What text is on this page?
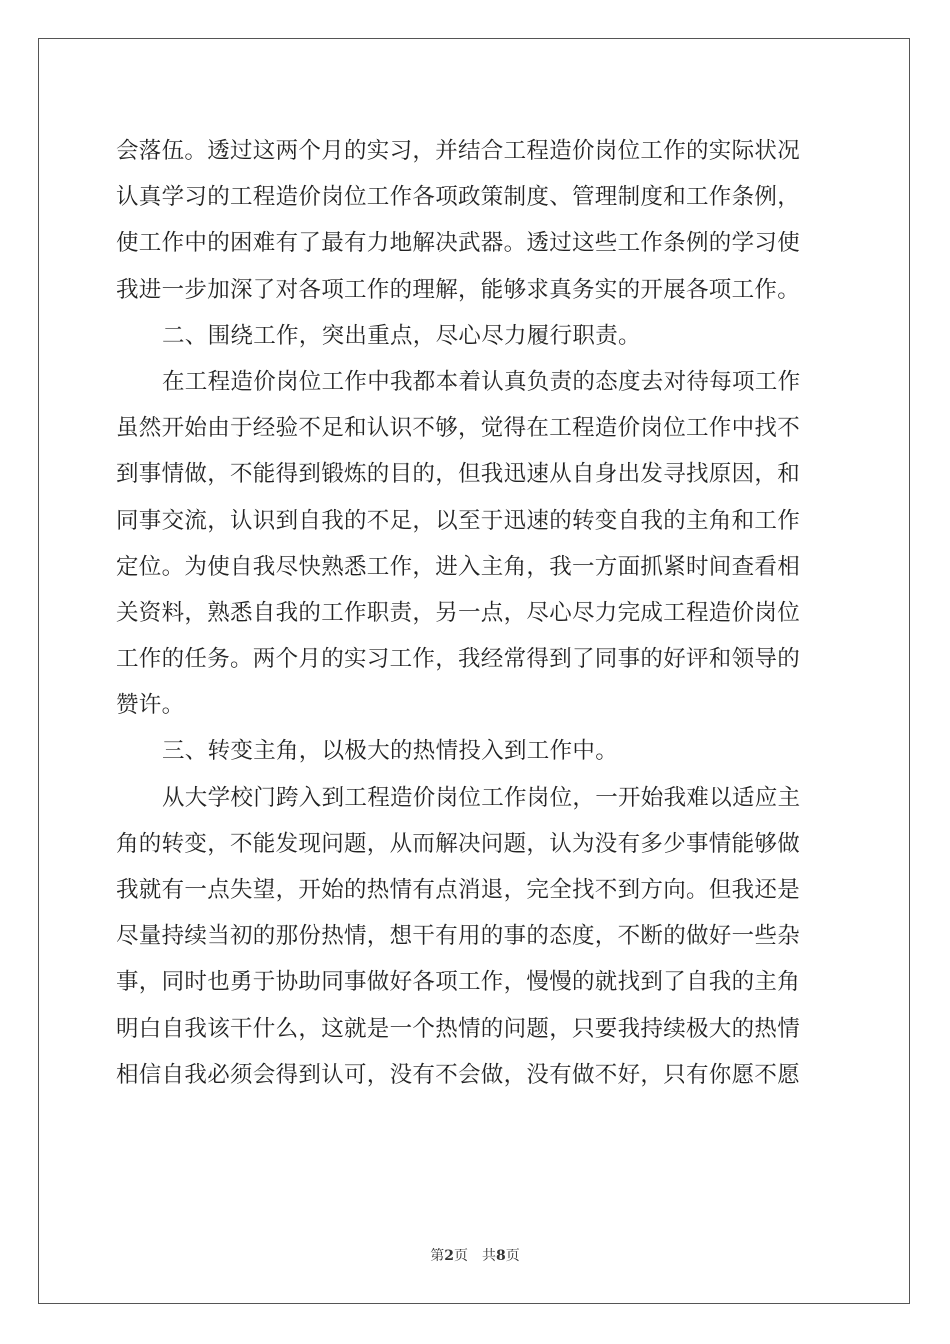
会落伍。透过这两个月的实习，并结合工程造价岗位工作的实际状况
认真学习的工程造价岗位工作各项政策制度、管理制度和工作条例，
使工作中的困难有了最有力地解决武器。透过这些工作条例的学习使
我进一步加深了对各项工作的理解，能够求真务实的开展各项工作。
二、围绕工作，突出重点，尽心尽力履行职责。
在工程造价岗位工作中我都本着认真负责的态度去对待每项工作
虽然开始由于经验不足和认识不够，觉得在工程造价岗位工作中找不
到事情做，不能得到锻炼的目的，但我迅速从自身出发寻找原因，和
同事交流，认识到自我的不足，以至于迅速的转变自我的主角和工作
定位。为使自我尽快熟悉工作，进入主角，我一方面抓紧时间查看相
关资料，熟悉自我的工作职责，另一点，尽心尽力完成工程造价岗位
工作的任务。两个月的实习工作，我经常得到了同事的好评和领导的
赞许。
三、转变主角，以极大的热情投入到工作中。
从大学校门跨入到工程造价岗位工作岗位，一开始我难以适应主
角的转变，不能发现问题，从而解决问题，认为没有多少事情能够做
我就有一点失望，开始的热情有点消退，完全找不到方向。但我还是
尽量持续当初的那份热情，想干有用的事的态度，不断的做好一些杂
事，同时也勇于协助同事做好各项工作，慢慢的就找到了自我的主角
明白自我该干什么，这就是一个热情的问题，只要我持续极大的热情
相信自我必须会得到认可，没有不会做，没有做不好，只有你愿不愿
第2页 共8页
